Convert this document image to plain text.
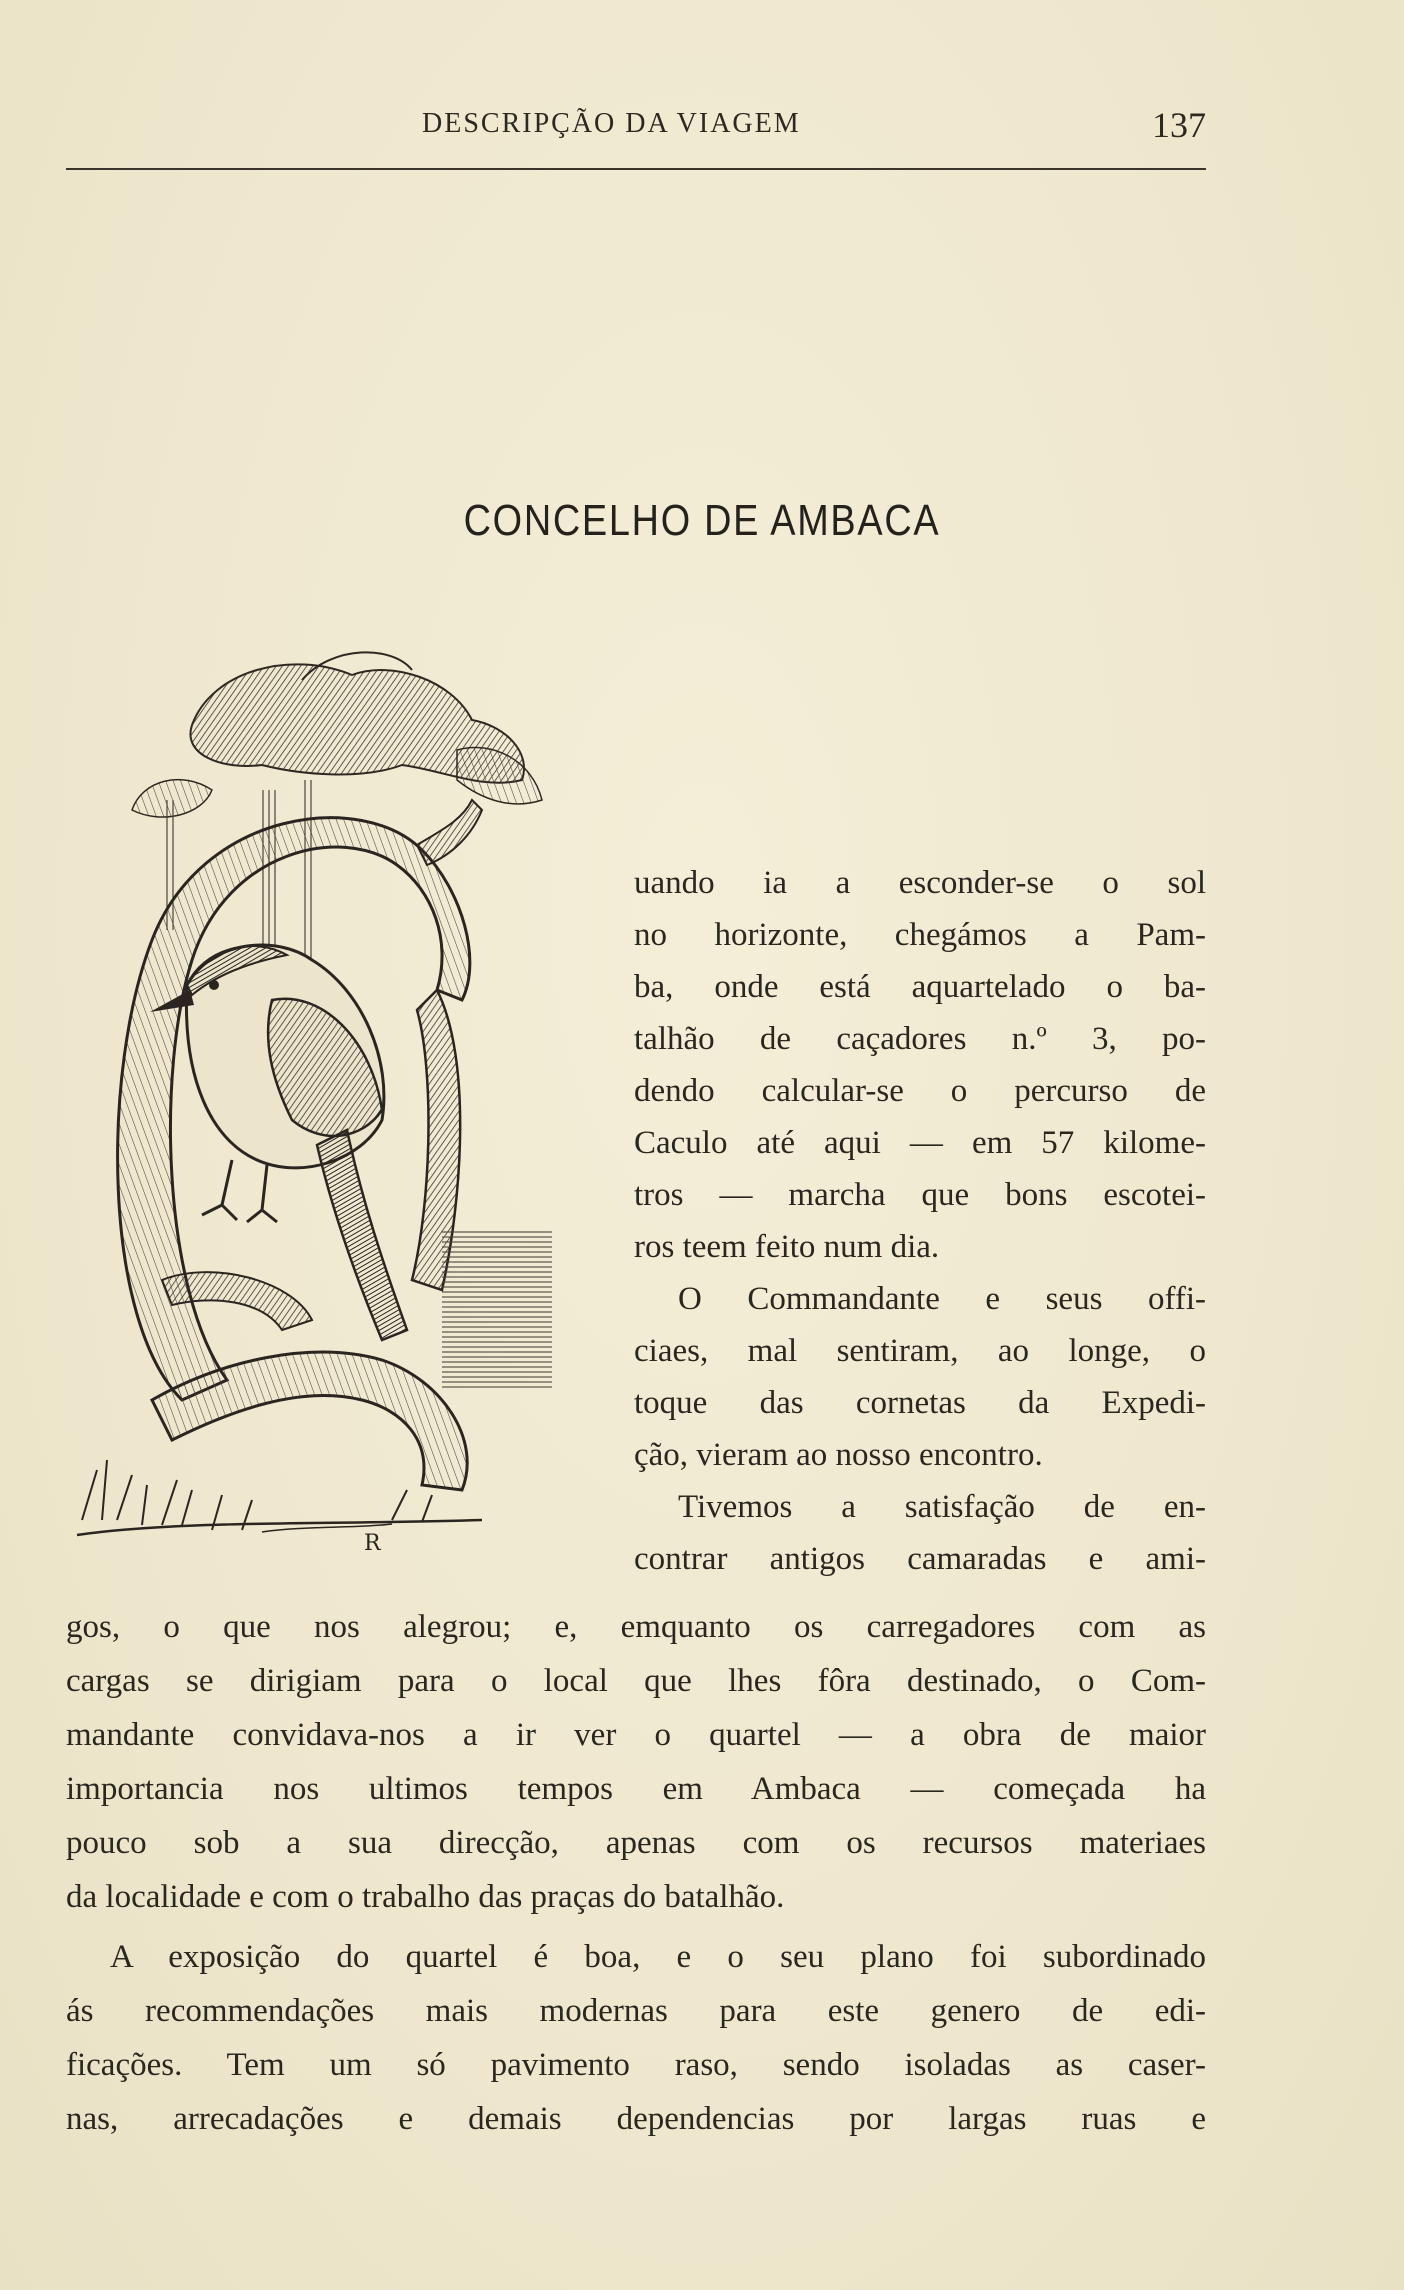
DESCRIPÇÃO DA VIAGEM	137
CONCELHO DE AMBACA
R
uando ia a esconder-se o sol
no horizonte, chegámos a Pam-
ba, onde está aquartelado o ba-
talhão de caçadores n.º 3, po-
dendo calcular-se o percurso de
Caculo até aqui — em 57 kilome-
tros — marcha que bons escotei-
ros teem feito num dia.
O Commandante e seus offi-
ciaes, mal sentiram, ao longe, o
toque das cornetas da Expedi-
ção, vieram ao nosso encontro.
Tivemos a satisfação de en-
contrar antigos camaradas e ami-
gos, o que nos alegrou; e, emquanto os carregadores com as
cargas se dirigiam para o local que lhes fôra destinado, o Com-
mandante convidava-nos a ir ver o quartel — a obra de maior
importancia nos ultimos tempos em Ambaca — começada ha
pouco sob a sua direcção, apenas com os recursos materiaes
da localidade e com o trabalho das praças do batalhão.
A exposição do quartel é boa, e o seu plano foi subordinado
ás recommendações mais modernas para este genero de edi-
ficações. Tem um só pavimento raso, sendo isoladas as caser-
nas, arrecadações e demais dependencias por largas ruas e
